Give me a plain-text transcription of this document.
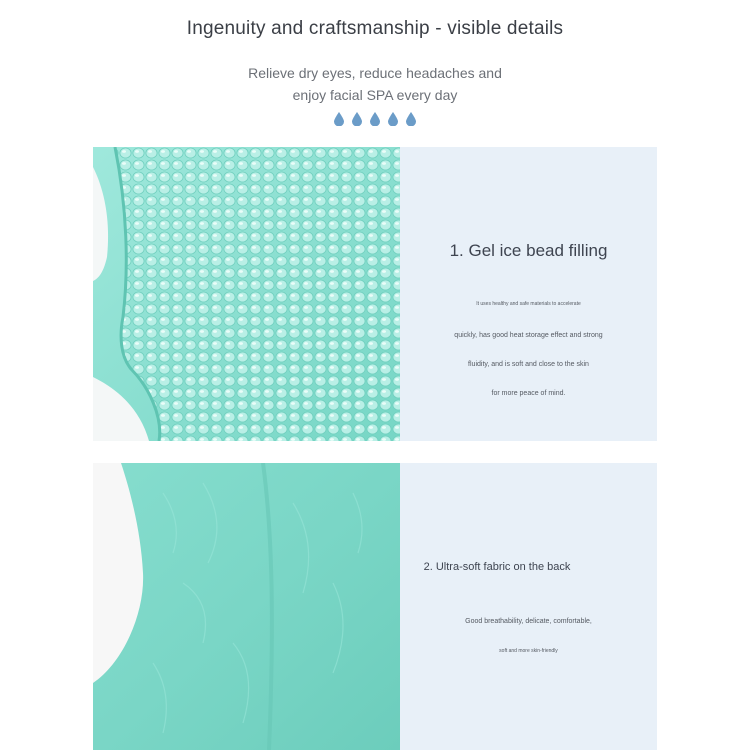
Ingenuity and craftsmanship - visible details
Relieve dry eyes, reduce headaches and
enjoy facial SPA every day
1. Gel ice bead filling
It uses healthy and safe materials to accelerate
quickly, has good heat storage effect and strong
fluidity, and is soft and close to the skin
for more peace of mind.
2. Ultra-soft fabric on the back
Good breathability, delicate, comfortable,
soft and more skin-friendly
